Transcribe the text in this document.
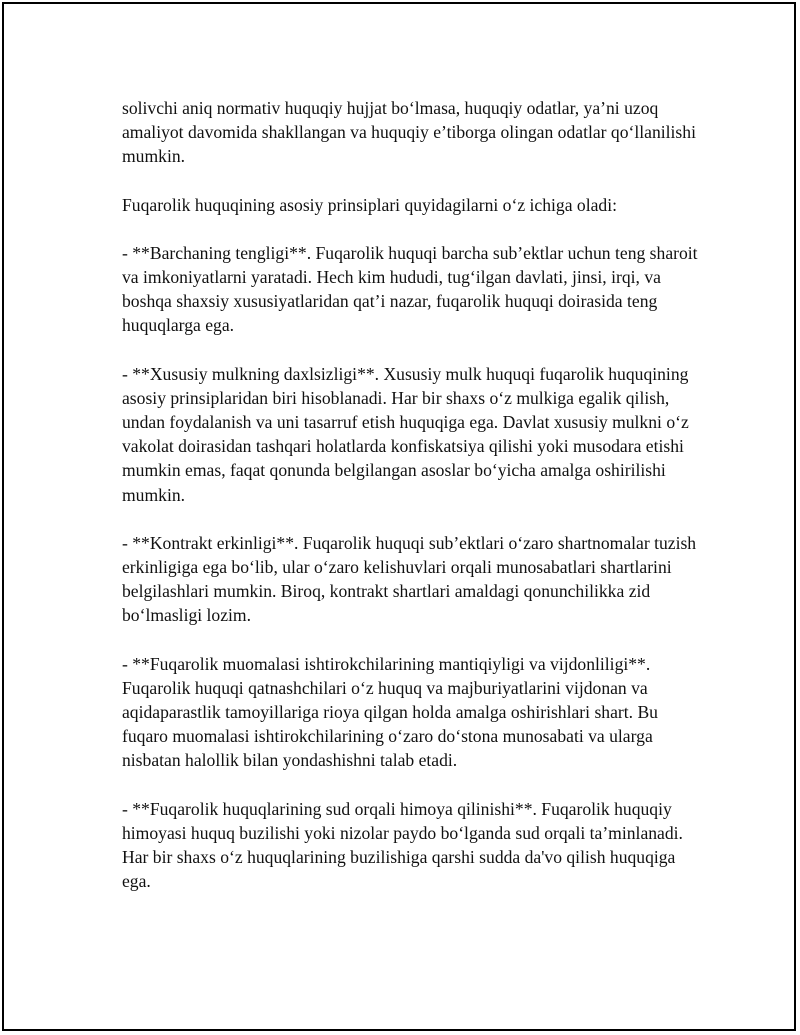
solivchi aniq normativ huquqiy hujjat bo‘lmasa, huquqiy odatlar, ya’ni uzoq amaliyot davomida shakllangan va huquqiy e’tiborga olingan odatlar qo‘llanilishi mumkin.

Fuqarolik huquqining asosiy prinsiplari quyidagilarni o‘z ichiga oladi:

- **Barchaning tengligi**. Fuqarolik huquqi barcha sub’ektlar uchun teng sharoit va imkoniyatlarni yaratadi. Hech kim hududi, tug‘ilgan davlati, jinsi, irqi, va boshqa shaxsiy xususiyatlaridan qat’i nazar, fuqarolik huquqi doirasida teng huquqlarga ega.

- **Xususiy mulkning daxlsizligi**. Xususiy mulk huquqi fuqarolik huquqining asosiy prinsiplaridan biri hisoblanadi. Har bir shaxs o‘z mulkiga egalik qilish, undan foydalanish va uni tasarruf etish huquqiga ega. Davlat xususiy mulkni o‘z vakolat doirasidan tashqari holatlarda konfiskatsiya qilishi yoki musodara etishi mumkin emas, faqat qonunda belgilangan asoslar bo‘yicha amalga oshirilishi mumkin.

- **Kontrakt erkinligi**. Fuqarolik huquqi sub’ektlari o‘zaro shartnomalar tuzish erkinligiga ega bo‘lib, ular o‘zaro kelishuvlari orqali munosabatlari shartlarini belgilashlari mumkin. Biroq, kontrakt shartlari amaldagi qonunchilikka zid bo‘lmasligi lozim.

- **Fuqarolik muomalasi ishtirokchilarining mantiqiyligi va vijdonliligi**. Fuqarolik huquqi qatnashchilari o‘z huquq va majburiyatlarini vijdonan va aqidaparastlik tamoyillariga rioya qilgan holda amalga oshirishlari shart. Bu fuqaro muomalasi ishtirokchilarining o‘zaro do‘stona munosabati va ularga nisbatan halollik bilan yondashishni talab etadi.

- **Fuqarolik huquqlarining sud orqali himoya qilinishi**. Fuqarolik huquqiy himoyasi huquq buzilishi yoki nizolar paydo bo‘lganda sud orqali ta’minlanadi. Har bir shaxs o‘z huquqlarining buzilishiga qarshi sudda da'vo qilish huquqiga ega.
